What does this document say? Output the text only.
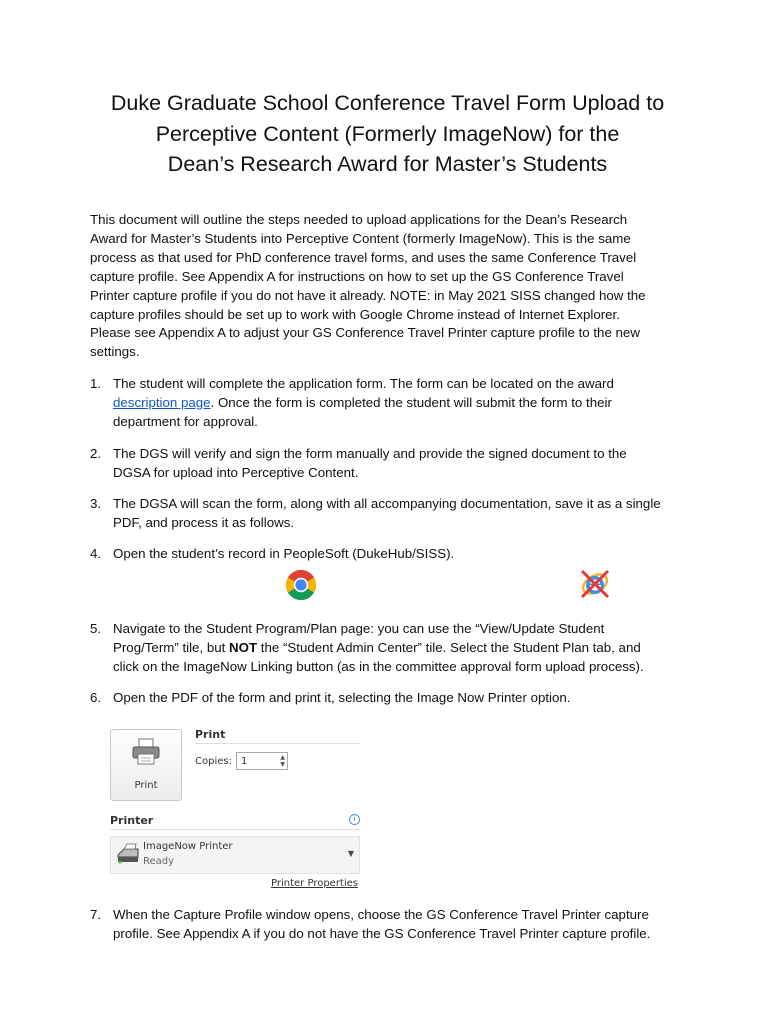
Duke Graduate School Conference Travel Form Upload to
Perceptive Content (Formerly ImageNow) for the
Dean’s Research Award for Master’s Students

This document will outline the steps needed to upload applications for the Dean’s Research
Award for Master’s Students into Perceptive Content (formerly ImageNow). This is the same
process as that used for PhD conference travel forms, and uses the same Conference Travel
capture profile. See Appendix A for instructions on how to set up the GS Conference Travel
Printer capture profile if you do not have it already. NOTE: in May 2021 SISS changed how the
capture profiles should be set up to work with Google Chrome instead of Internet Explorer.
Please see Appendix A to adjust your GS Conference Travel Printer capture profile to the new
settings.

1. The student will complete the application form. The form can be located on the award
description page. Once the form is completed the student will submit the form to their
department for approval.
2. The DGS will verify and sign the form manually and provide the signed document to the
DGSA for upload into Perceptive Content.
3. The DGSA will scan the form, along with all accompanying documentation, save it as a single
PDF, and process it as follows.
4. Open the student’s record in PeopleSoft (DukeHub/SISS).
5. Navigate to the Student Program/Plan page: you can use the “View/Update Student
Prog/Term” tile, but NOT the “Student Admin Center” tile. Select the Student Plan tab, and
click on the ImageNow Linking button (as in the committee approval form upload process).
6. Open the PDF of the form and print it, selecting the Image Now Printer option.
Print
Print
Copies: 1	▲
▼
Printer	i
ImageNow Printer
Ready
▼
Printer Properties
7. When the Capture Profile window opens, choose the GS Conference Travel Printer capture
profile. See Appendix A if you do not have the GS Conference Travel Printer capture profile.
